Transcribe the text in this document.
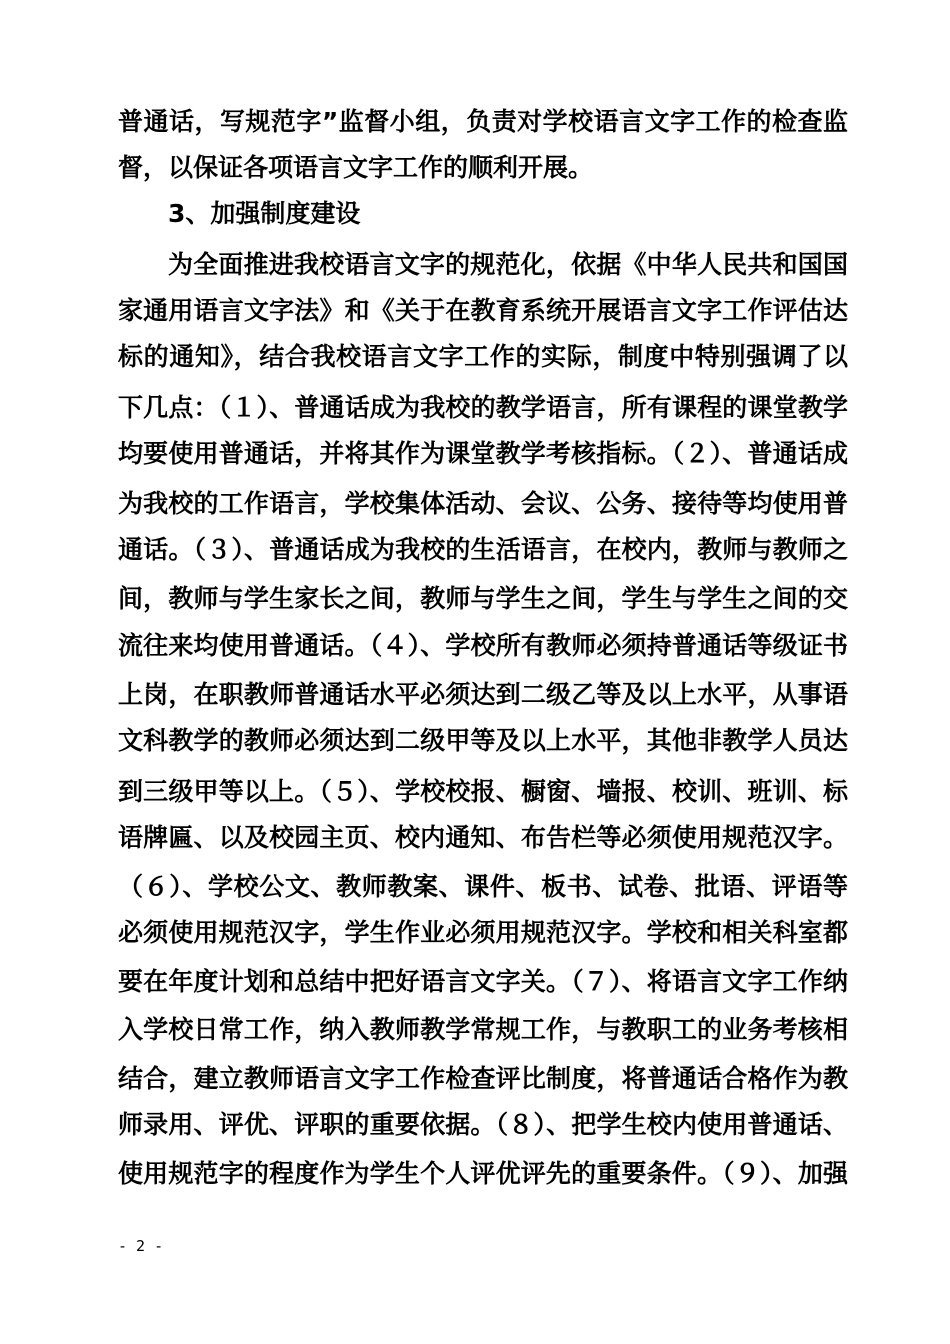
普通话，写规范字”监督小组，负责对学校语言文字工作的检查监
督，以保证各项语言文字工作的顺利开展。
3、加强制度建设
为全面推进我校语言文字的规范化，依据《中华人民共和国国
家通用语言文字法》和《关于在教育系统开展语言文字工作评估达
标的通知》，结合我校语言文字工作的实际，制度中特别强调了以
下几点：（１）、普通话成为我校的教学语言，所有课程的课堂教学
均要使用普通话，并将其作为课堂教学考核指标。（２）、普通话成
为我校的工作语言，学校集体活动、会议、公务、接待等均使用普
通话。（３）、普通话成为我校的生活语言，在校内，教师与教师之
间，教师与学生家长之间，教师与学生之间，学生与学生之间的交
流往来均使用普通话。（４）、学校所有教师必须持普通话等级证书
上岗，在职教师普通话水平必须达到二级乙等及以上水平，从事语
文科教学的教师必须达到二级甲等及以上水平，其他非教学人员达
到三级甲等以上。（５）、学校校报、橱窗、墙报、校训、班训、标
语牌匾、以及校园主页、校内通知、布告栏等必须使用规范汉字。
（６）、学校公文、教师教案、课件、板书、试卷、批语、评语等
必须使用规范汉字，学生作业必须用规范汉字。学校和相关科室都
要在年度计划和总结中把好语言文字关。（７）、将语言文字工作纳
入学校日常工作，纳入教师教学常规工作，与教职工的业务考核相
结合，建立教师语言文字工作检查评比制度，将普通话合格作为教
师录用、评优、评职的重要依据。（８）、把学生校内使用普通话、
使用规范字的程度作为学生个人评优评先的重要条件。（９）、加强
- 2 -
